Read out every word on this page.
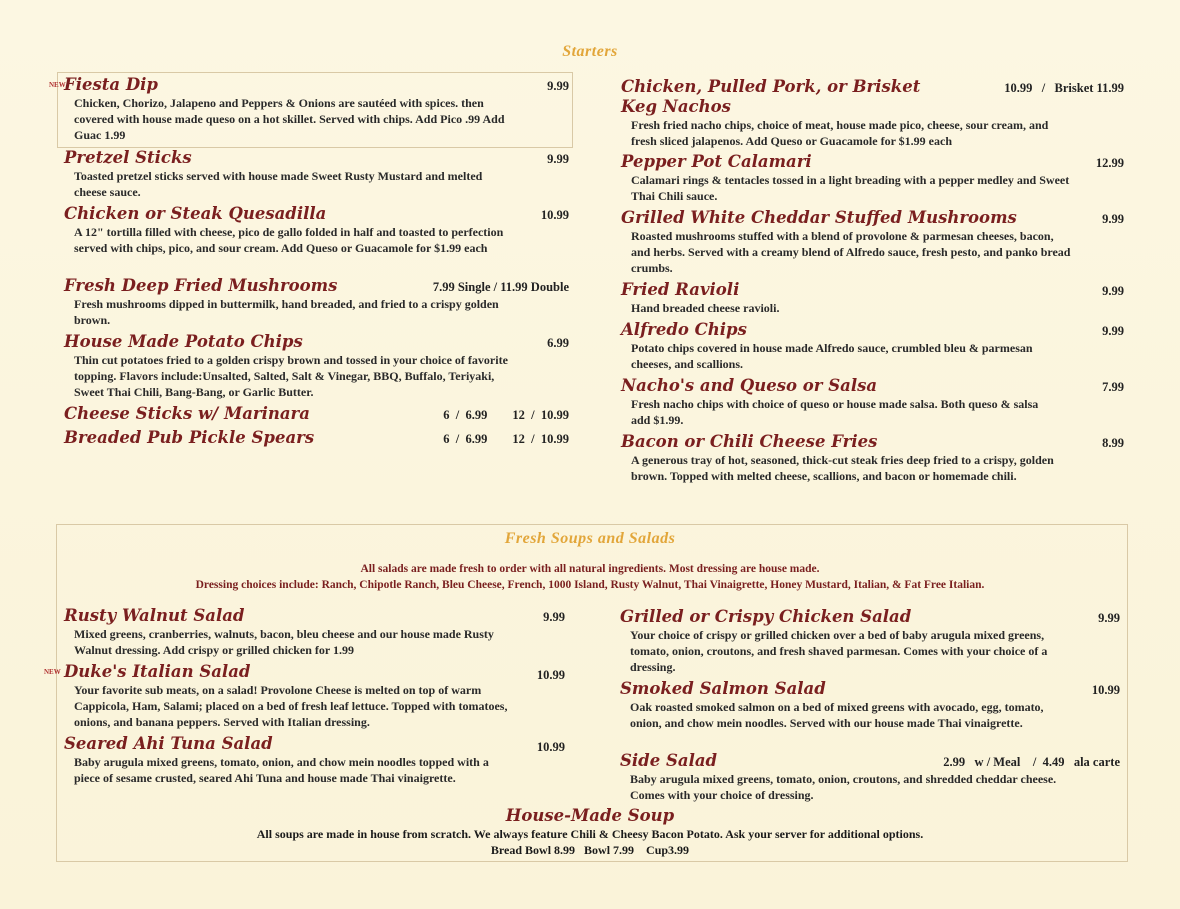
Starters
NEW
Fiesta Dip	9.99
Chicken, Chorizo, Jalapeno and Peppers & Onions are sautéed with spices. then covered with house made queso on a hot skillet. Served with chips. Add Pico .99 Add Guac 1.99
Pretzel Sticks	9.99
Toasted pretzel sticks served with house made Sweet Rusty Mustard and melted cheese sauce.
Chicken or Steak Quesadilla	10.99
A 12" tortilla filled with cheese, pico de gallo folded in half and toasted to perfection served with chips, pico, and sour cream. Add Queso or Guacamole for $1.99 each
Fresh Deep Fried Mushrooms	7.99 Single / 11.99 Double
Fresh mushrooms dipped in buttermilk, hand breaded, and fried to a crispy golden brown.
House Made Potato Chips	6.99
Thin cut potatoes fried to a golden crispy brown and tossed in your choice of favorite topping. Flavors include:Unsalted, Salted, Salt & Vinegar, BBQ, Buffalo, Teriyaki, Sweet Thai Chili, Bang-Bang, or Garlic Butter.
Cheese Sticks w/ Marinara	6  /  6.99        12  /  10.99
Breaded Pub Pickle Spears	6  /  6.99        12  /  10.99
Chicken, Pulled Pork, or Brisket Keg Nachos
10.99   /   Brisket 11.99
Fresh fried nacho chips, choice of meat, house made pico, cheese, sour cream, and fresh sliced jalapenos. Add Queso or Guacamole for $1.99 each
Pepper Pot Calamari	12.99
Calamari rings & tentacles tossed in a light breading with a pepper medley and Sweet Thai Chili sauce.
Grilled White Cheddar Stuffed Mushrooms	9.99
Roasted mushrooms stuffed with a blend of provolone & parmesan cheeses, bacon, and herbs. Served with a creamy blend of Alfredo sauce, fresh pesto, and panko bread crumbs.
Fried Ravioli	9.99
Hand breaded cheese ravioli.
Alfredo Chips	9.99
Potato chips covered in house made Alfredo sauce, crumbled bleu & parmesan cheeses, and scallions.
Nacho's and Queso or Salsa	7.99
Fresh nacho chips with choice of queso or house made salsa. Both queso & salsa add $1.99.
Bacon or Chili Cheese Fries	8.99
A generous tray of hot, seasoned, thick-cut steak fries deep fried to a crispy, golden brown. Topped with melted cheese, scallions, and bacon or homemade chili.
Fresh Soups and Salads
All salads are made fresh to order with all natural ingredients. Most dressing are house made.
Dressing choices include: Ranch, Chipotle Ranch, Bleu Cheese, French, 1000 Island, Rusty Walnut, Thai Vinaigrette, Honey Mustard, Italian, & Fat Free Italian.
Rusty Walnut Salad	9.99
Mixed greens, cranberries, walnuts, bacon, bleu cheese and our house made Rusty Walnut dressing. Add crispy or grilled chicken for 1.99
NEW Duke's Italian Salad	10.99
Your favorite sub meats, on a salad! Provolone Cheese is melted on top of warm Cappicola, Ham, Salami; placed on a bed of fresh leaf lettuce. Topped with tomatoes, onions, and banana peppers. Served with Italian dressing.
Seared Ahi Tuna Salad	10.99
Baby arugula mixed greens, tomato, onion, and chow mein noodles topped with a piece of sesame crusted, seared Ahi Tuna and house made Thai vinaigrette.
Grilled or Crispy Chicken Salad	9.99
Your choice of crispy or grilled chicken over a bed of baby arugula mixed greens, tomato, onion, croutons, and fresh shaved parmesan. Comes with your choice of a dressing.
Smoked Salmon Salad	10.99
Oak roasted smoked salmon on a bed of mixed greens with avocado, egg, tomato, onion, and chow mein noodles. Served with our house made Thai vinaigrette.
Side Salad	2.99   w / Meal    /  4.49   ala carte
Baby arugula mixed greens, tomato, onion, croutons, and shredded cheddar cheese. Comes with your choice of dressing.
House-Made Soup
All soups are made in house from scratch. We always feature Chili & Cheesy Bacon Potato. Ask your server for additional options.
Bread Bowl 8.99   Bowl 7.99    Cup3.99
